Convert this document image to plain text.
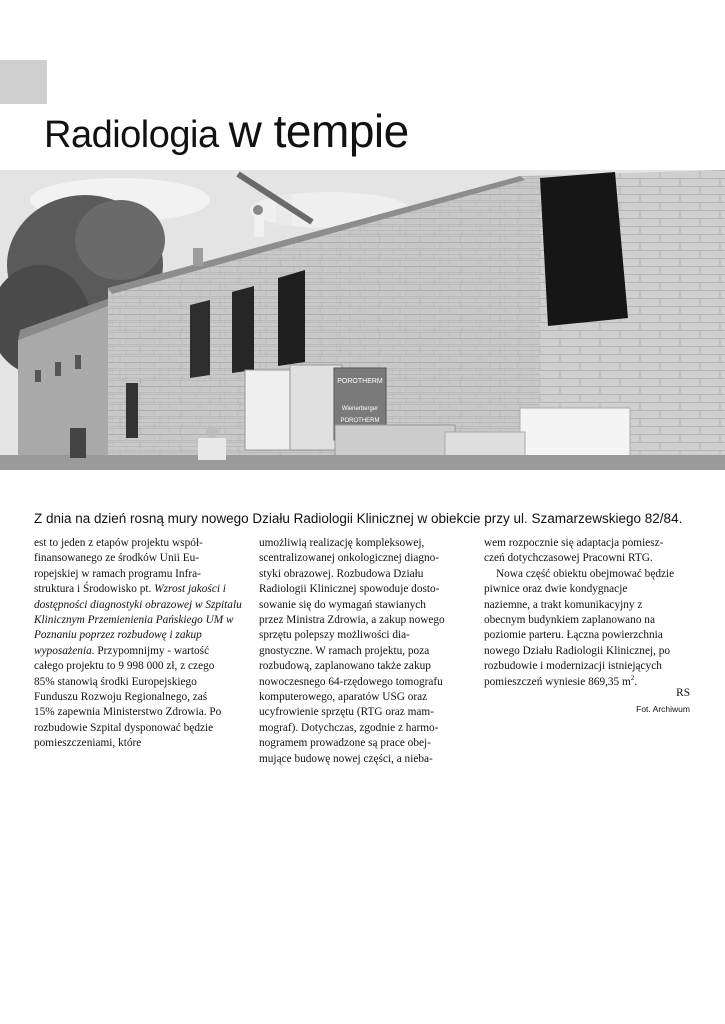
Radiologia w tempie
POROTHERM
Wienerberger
POROTHERM

Z dnia na dzień rosną mury nowego Działu Radiologii Klinicznej w obiekcie przy ul. Szamarzewskiego 82/84.

est to jeden z etapów projektu współ-
finansowanego ze środków Unii Eu-
ropejskiej w ramach programu Infra-
struktura i Środowisko pt. Wzrost jakości i
dostępności diagnostyki obrazowej w Szpitalu
Klinicznym Przemienienia Pańskiego UM w
Poznaniu poprzez rozbudowę i zakup
wyposażenia. Przypomnijmy - wartość
całego projektu to 9 998 000 zł, z czego
85% stanowią środki Europejskiego
Funduszu Rozwoju Regionalnego, zaś
15% zapewnia Ministerstwo Zdrowia. Po
rozbudowie Szpital dysponować będzie
pomieszczeniami, które
umożliwią realizację kompleksowej,
scentralizowanej onkologicznej diagno-
styki obrazowej. Rozbudowa Działu
Radiologii Klinicznej spowoduje dosto-
sowanie się do wymagań stawianych
przez Ministra Zdrowia, a zakup nowego
sprzętu polepszy możliwości dia-
gnostyczne. W ramach projektu, poza
rozbudową, zaplanowano także zakup
nowoczesnego 64-rzędowego tomografu
komputerowego, aparatów USG oraz
ucyfrowienie sprzętu (RTG oraz mam-
mograf). Dotychczas, zgodnie z harmo-
nogramem prowadzone są prace obej-
mujące budowę nowej części, a nieba-
wem rozpocznie się adaptacja pomiesz-
czeń dotychczasowej Pracowni RTG.
Nowa część obiektu obejmować będzie
piwnice oraz dwie kondygnacje
naziemne, a trakt komunikacyjny z
obecnym budynkiem zaplanowano na
poziomie parteru. Łączna powierzchnia
nowego Działu Radiologii Klinicznej, po
rozbudowie i modernizacji istniejących
pomieszczeń wyniesie 869,35 $m^2$.
RS
Fot. Archiwum
